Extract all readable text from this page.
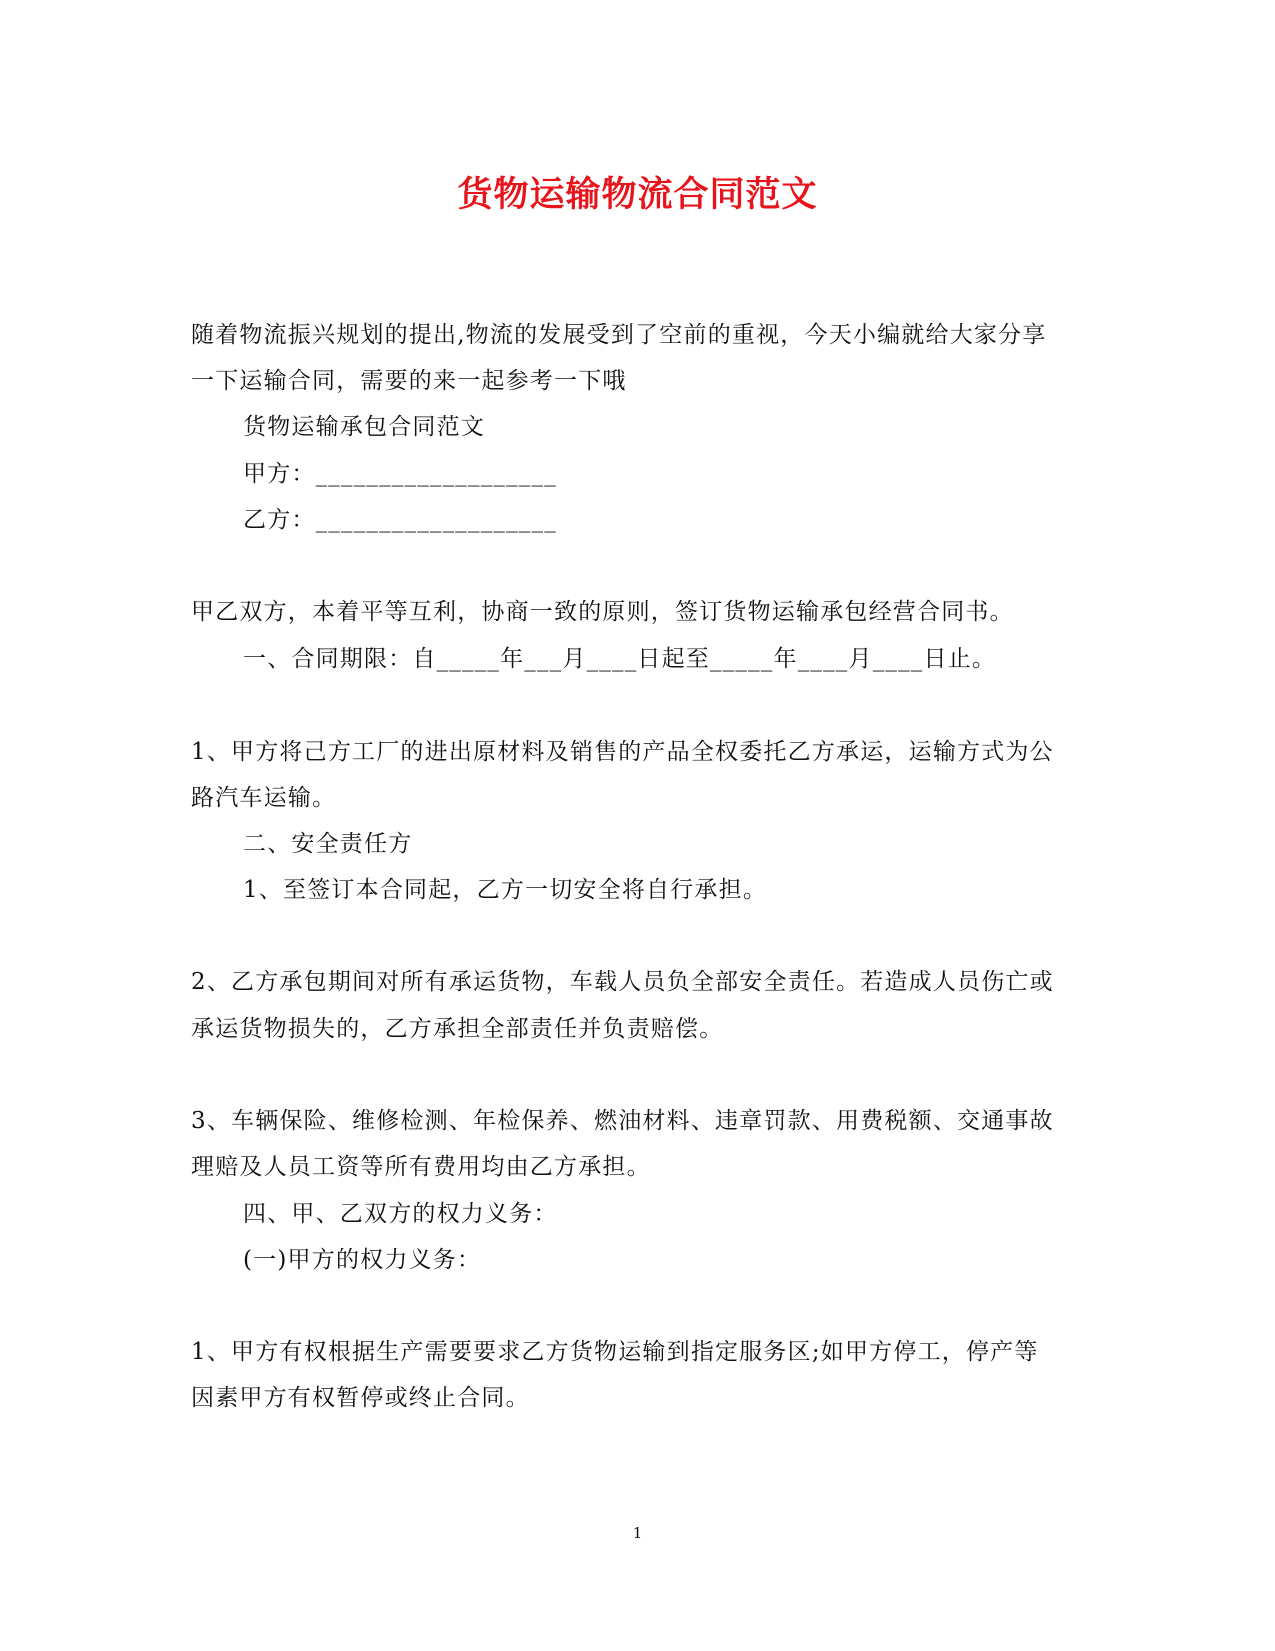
货物运输物流合同范文
随着物流振兴规划的提出,物流的发展受到了空前的重视，今天小编就给大家分享
一下运输合同，需要的来一起参考一下哦
货物运输承包合同范文
甲方：___________________
乙方：___________________
甲乙双方，本着平等互利，协商一致的原则，签订货物运输承包经营合同书。
一、合同期限：自_____年___月____日起至_____年____月____日止。
1、甲方将己方工厂的进出原材料及销售的产品全权委托乙方承运，运输方式为公
路汽车运输。
二、安全责任方
1、至签订本合同起，乙方一切安全将自行承担。
2、乙方承包期间对所有承运货物，车载人员负全部安全责任。若造成人员伤亡或
承运货物损失的，乙方承担全部责任并负责赔偿。
3、车辆保险、维修检测、年检保养、燃油材料、违章罚款、用费税额、交通事故
理赔及人员工资等所有费用均由乙方承担。
四、甲、乙双方的权力义务：
(一)甲方的权力义务：
1、甲方有权根据生产需要要求乙方货物运输到指定服务区;如甲方停工，停产等
因素甲方有权暂停或终止合同。
1
